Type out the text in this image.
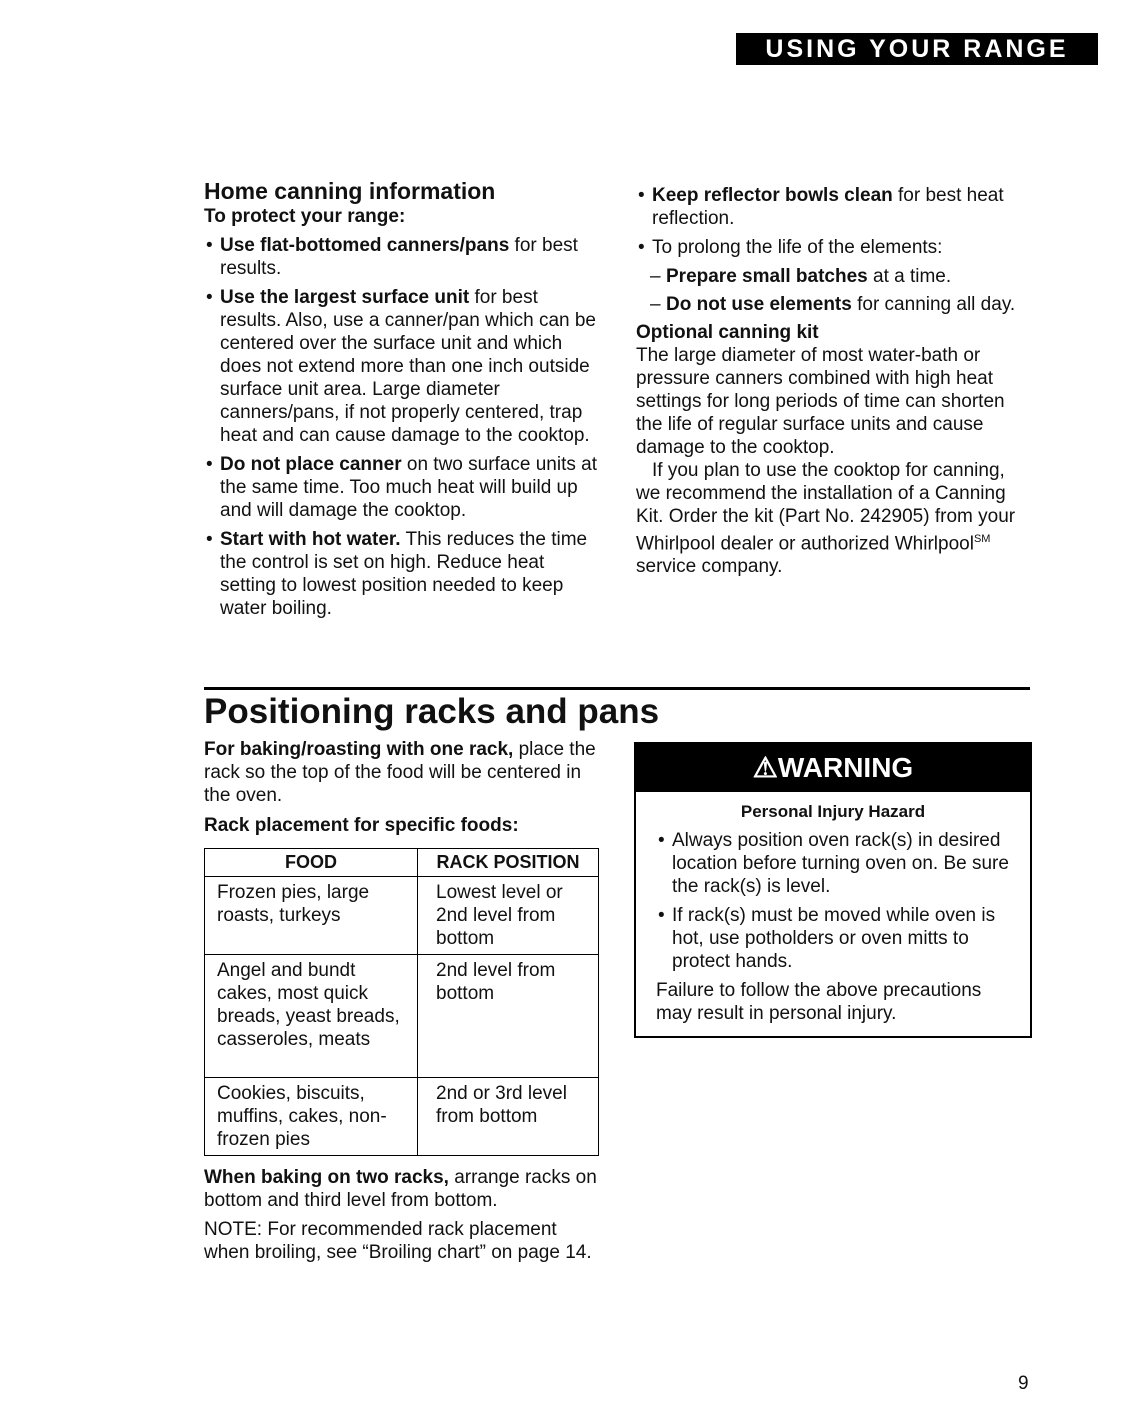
USING YOUR RANGE
Home canning information
To protect your range:
• Use flat-bottomed canners/pans for best results.
• Use the largest surface unit for best results. Also, use a canner/pan which can be centered over the surface unit and which does not extend more than one inch outside surface unit area. Large diameter canners/pans, if not properly centered, trap heat and can cause damage to the cooktop.
• Do not place canner on two surface units at the same time. Too much heat will build up and will damage the cooktop.
• Start with hot water. This reduces the time the control is set on high. Reduce heat setting to lowest position needed to keep water boiling.
• Keep reflector bowls clean for best heat reflection.
• To prolong the life of the elements:
– Prepare small batches at a time.
– Do not use elements for canning all day.
Optional canning kit

The large diameter of most water-bath or pressure canners combined with high heat settings for long periods of time can shorten the life of regular surface units and cause damage to the cooktop.

If you plan to use the cooktop for canning, we recommend the installation of a Canning Kit. Order the kit (Part No. 242905) from your Whirlpool dealer or authorized Whirlpool℠ service company.

Positioning racks and pans

For baking/roasting with one rack, place the rack so the top of the food will be centered in the oven.

Rack placement for specific foods:
FOOD	RACK POSITION
Frozen pies, large roasts, turkeys	Lowest level or 2nd level from bottom
Angel and bundt cakes, most quick breads, yeast breads, casseroles, meats	2nd level from bottom
Cookies, biscuits, muffins, cakes, non-frozen pies	2nd or 3rd level from bottom

When baking on two racks, arrange racks on bottom and third level from bottom.

NOTE: For recommended rack placement when broiling, see “Broiling chart” on page 14.

⚠WARNING
Personal Injury Hazard
• Always position oven rack(s) in desired location before turning oven on. Be sure the rack(s) is level.
• If rack(s) must be moved while oven is hot, use potholders or oven mitts to protect hands.

Failure to follow the above precautions may result in personal injury.

9
